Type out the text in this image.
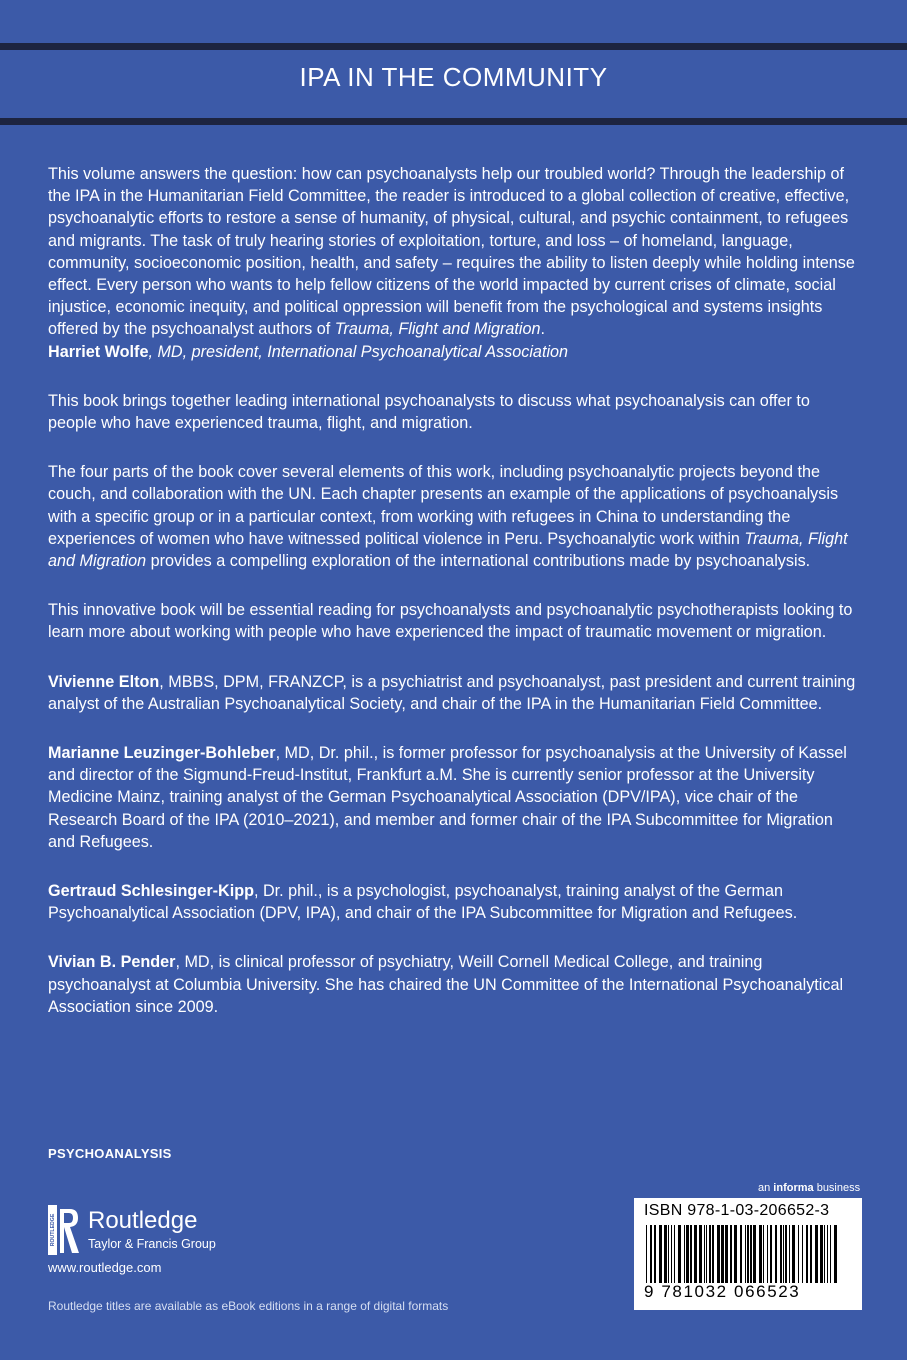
IPA IN THE COMMUNITY

This volume answers the question: how can psychoanalysts help our troubled world? Through the leadership of the IPA in the Humanitarian Field Committee, the reader is introduced to a global collection of creative, effective, psychoanalytic efforts to restore a sense of humanity, of physical, cultural, and psychic containment, to refugees and migrants. The task of truly hearing stories of exploitation, torture, and loss – of homeland, language, community, socioeconomic position, health, and safety – requires the ability to listen deeply while holding intense effect. Every person who wants to help fellow citizens of the world impacted by current crises of climate, social injustice, economic inequity, and political oppression will benefit from the psychological and systems insights offered by the psychoanalyst authors of Trauma, Flight and Migration.

Harriet Wolfe, MD, president, International Psychoanalytical Association

This book brings together leading international psychoanalysts to discuss what psychoanalysis can offer to people who have experienced trauma, flight, and migration.

The four parts of the book cover several elements of this work, including psychoanalytic projects beyond the couch, and collaboration with the UN. Each chapter presents an example of the applications of psychoanalysis with a specific group or in a particular context, from working with refugees in China to understanding the experiences of women who have witnessed political violence in Peru. Psychoanalytic work within Trauma, Flight and Migration provides a compelling exploration of the international contributions made by psychoanalysis.

This innovative book will be essential reading for psychoanalysts and psychoanalytic psychotherapists looking to learn more about working with people who have experienced the impact of traumatic movement or migration.

Vivienne Elton, MBBS, DPM, FRANZCP, is a psychiatrist and psychoanalyst, past president and current training analyst of the Australian Psychoanalytical Society, and chair of the IPA in the Humanitarian Field Committee.

Marianne Leuzinger-Bohleber, MD, Dr. phil., is former professor for psychoanalysis at the University of Kassel and director of the Sigmund-Freud-Institut, Frankfurt a.M. She is currently senior professor at the University Medicine Mainz, training analyst of the German Psychoanalytical Association (DPV/IPA), vice chair of the Research Board of the IPA (2010–2021), and member and former chair of the IPA Subcommittee for Migration and Refugees.

Gertraud Schlesinger-Kipp, Dr. phil., is a psychologist, psychoanalyst, training analyst of the German Psychoanalytical Association (DPV, IPA), and chair of the IPA Subcommittee for Migration and Refugees.

Vivian B. Pender, MD, is clinical professor of psychiatry, Weill Cornell Medical College, and training psychoanalyst at Columbia University. She has chaired the UN Committee of the International Psychoanalytical Association since 2009.

PSYCHOANALYSIS
ROUTLEDGE Routledge
Taylor & Francis Group
www.routledge.com
Routledge titles are available as eBook editions in a range of digital formats
an informa business
ISBN 978-1-03-206652-3
9 781032 066523
